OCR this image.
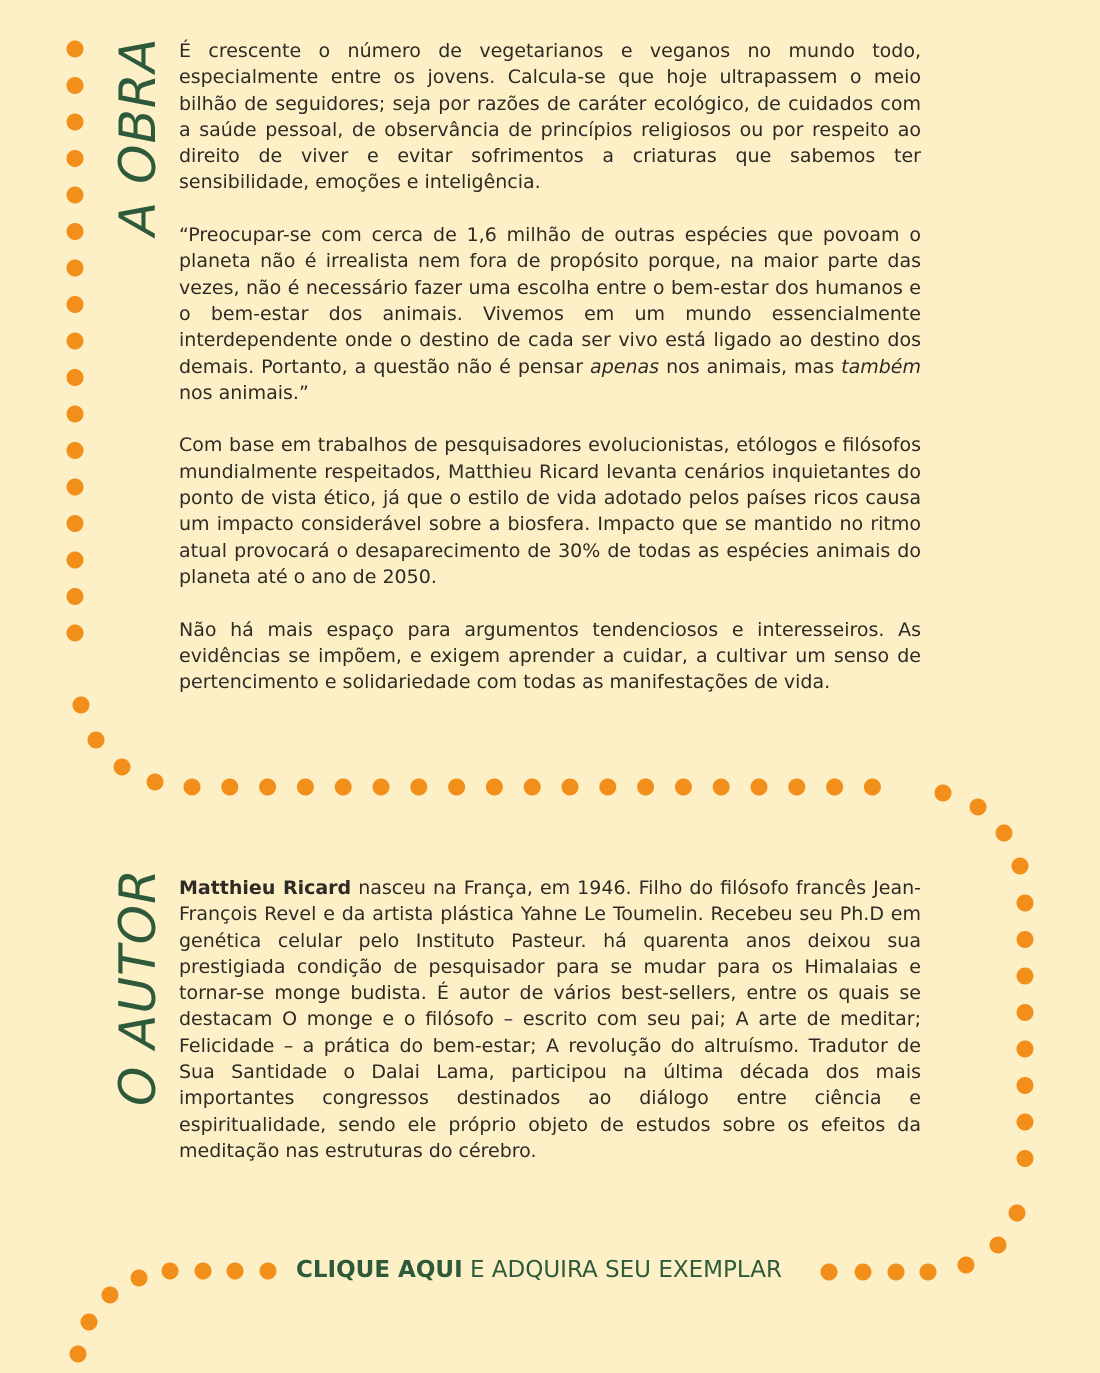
A OBRA É crescente o número de vegetarianos e veganos no mundo todo, especialmente entre os jovens. Calcula-se que hoje ultrapassem o meio bilhão de seguidores; seja por razões de caráter ecológico, de cuidados com a saúde pessoal, de observância de princípios religiosos ou por respeito ao direito de viver e evitar sofrimentos a criaturas que sabemos ter sensibilidade, emoções e inteligência.

“Preocupar-se com cerca de 1,6 milhão de outras espécies que povoam o planeta não é irrealista nem fora de propósito porque, na maior parte das vezes, não é necessário fazer uma escolha entre o bem-estar dos humanos e o bem-estar dos animais. Vivemos em um mundo essencialmente interdependente onde o destino de cada ser vivo está ligado ao destino dos demais. Portanto, a questão não é pensar apenas nos animais, mas também nos animais.”

Com base em trabalhos de pesquisadores evolucionistas, etólogos e filósofos mundialmente respeitados, Matthieu Ricard levanta cenários inquietantes do ponto de vista ético, já que o estilo de vida adotado pelos países ricos causa um impacto considerável sobre a biosfera. Impacto que se mantido no ritmo atual provocará o desaparecimento de 30% de todas as espécies animais do planeta até o ano de 2050.

Não há mais espaço para argumentos tendenciosos e interesseiros. As evidências se impõem, e exigem aprender a cuidar, a cultivar um senso de pertencimento e solidariedade com todas as manifestações de vida.

O AUTOR Matthieu Ricard nasceu na França, em 1946. Filho do filósofo francês Jean-François Revel e da artista plástica Yahne Le Toumelin. Recebeu seu Ph.D em genética celular pelo Instituto Pasteur. há quarenta anos deixou sua prestigiada condição de pesquisador para se mudar para os Himalaias e tornar-se monge budista. É autor de vários best-sellers, entre os quais se destacam O monge e o filósofo – escrito com seu pai; A arte de meditar; Felicidade – a prática do bem-estar; A revolução do altruísmo. Tradutor de Sua Santidade o Dalai Lama, participou na última década dos mais importantes congressos destinados ao diálogo entre ciência e espiritualidade, sendo ele próprio objeto de estudos sobre os efeitos da meditação nas estruturas do cérebro.

CLIQUE AQUI E ADQUIRA SEU EXEMPLAR
